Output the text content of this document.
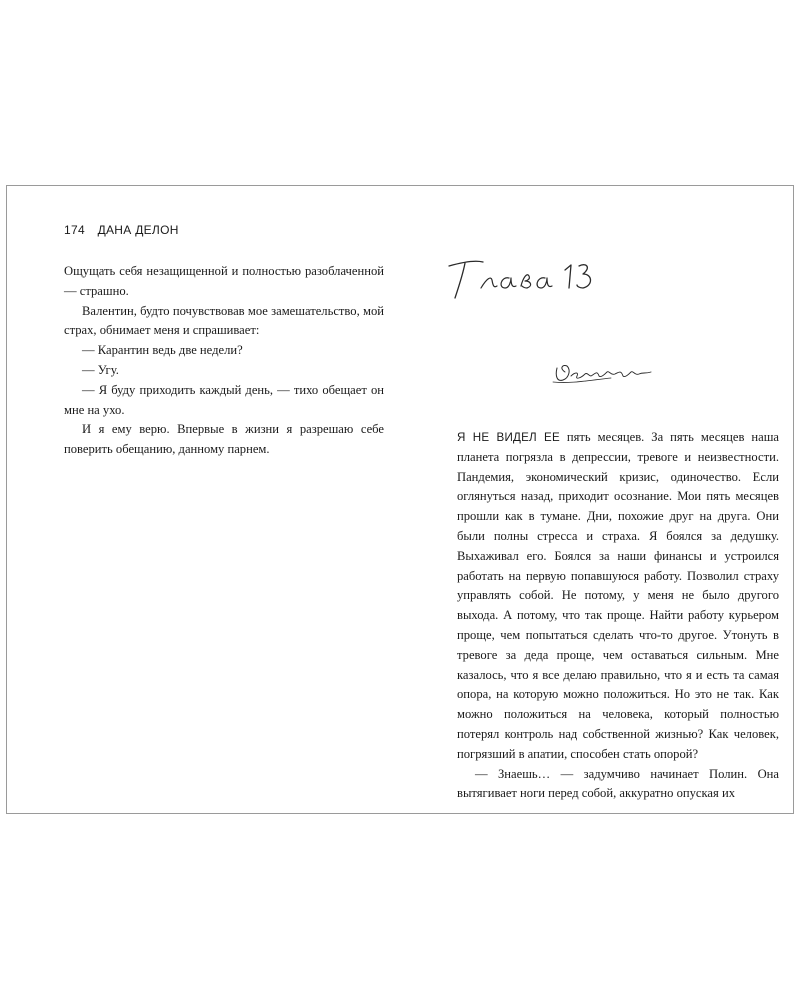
174 ДАНА ДЕЛОН

Ощущать себя незащищенной и полностью разоблаченной — страшно.

Валентин, будто почувствовав мое замешательство, мой страх, обнимает меня и спрашивает:

— Карантин ведь две недели?

— Угу.

— Я буду приходить каждый день, — тихо обещает он мне на ухо.

И я ему верю. Впервые в жизни я разрешаю себе поверить обещанию, данному парнем.

Я НЕ ВИДЕЛ ЕЕ пять месяцев. За пять месяцев наша планета погрязла в депрессии, тревоге и неизвестности. Пандемия, экономический кризис, одиночество. Если оглянуться назад, приходит осознание. Мои пять месяцев прошли как в тумане. Дни, похожие друг на друга. Они были полны стресса и страха. Я боялся за дедушку. Выхаживал его. Боялся за наши финансы и устроился работать на первую попавшуюся работу. Позволил страху управлять собой. Не потому, у меня не было другого выхода. А потому, что так проще. Найти работу курьером проще, чем попытаться сделать что-то другое. Утонуть в тревоге за деда проще, чем оставаться сильным. Мне казалось, что я все делаю правильно, что я и есть та самая опора, на которую можно положиться. Но это не так. Как можно положиться на человека, который полностью потерял контроль над собственной жизнью? Как человек, погрязший в апатии, способен стать опорой?

— Знаешь… — задумчиво начинает Полин. Она вытягивает ноги перед собой, аккуратно опуская их
